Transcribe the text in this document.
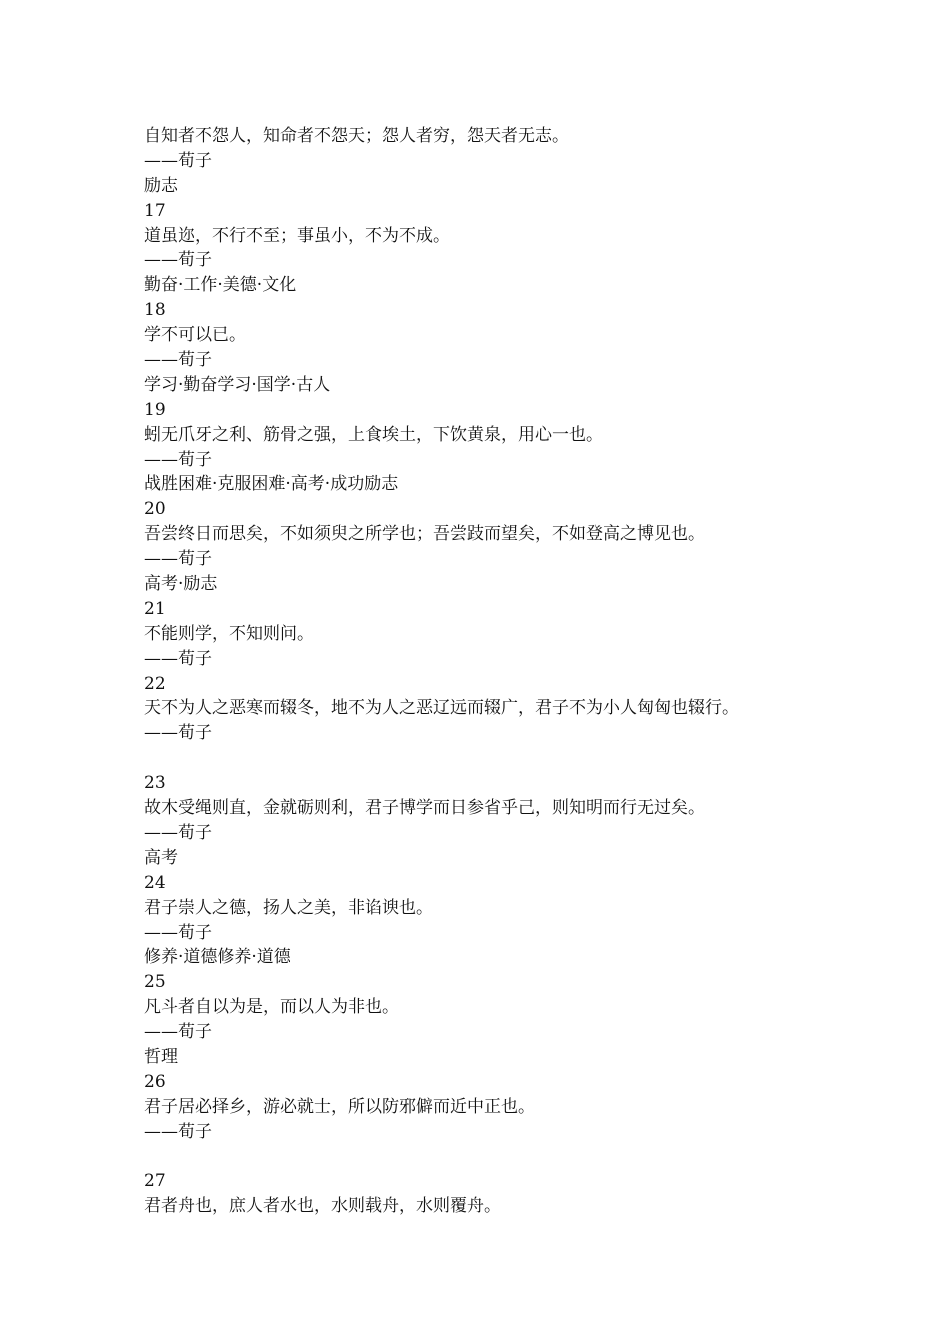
自知者不怨人，知命者不怨天；怨人者穷，怨天者无志。
——荀子
励志
17
道虽迩，不行不至；事虽小，不为不成。
——荀子
勤奋·工作·美德·文化
18
学不可以已。
——荀子
学习·勤奋学习·国学·古人
19
蚓无爪牙之利、筋骨之强，上食埃土，下饮黄泉，用心一也。
——荀子
战胜困难·克服困难·高考·成功励志
20
吾尝终日而思矣，不如须臾之所学也；吾尝跂而望矣，不如登高之博见也。
——荀子
高考·励志
21
不能则学，不知则问。
——荀子
22
天不为人之恶寒而辍冬，地不为人之恶辽远而辍广，君子不为小人匈匈也辍行。
——荀子
23
故木受绳则直，金就砺则利，君子博学而日参省乎己，则知明而行无过矣。
——荀子
高考
24
君子崇人之德，扬人之美，非谄谀也。
——荀子
修养·道德修养·道德
25
凡斗者自以为是，而以人为非也。
——荀子
哲理
26
君子居必择乡，游必就士，所以防邪僻而近中正也。
——荀子
27
君者舟也，庶人者水也，水则载舟，水则覆舟。
